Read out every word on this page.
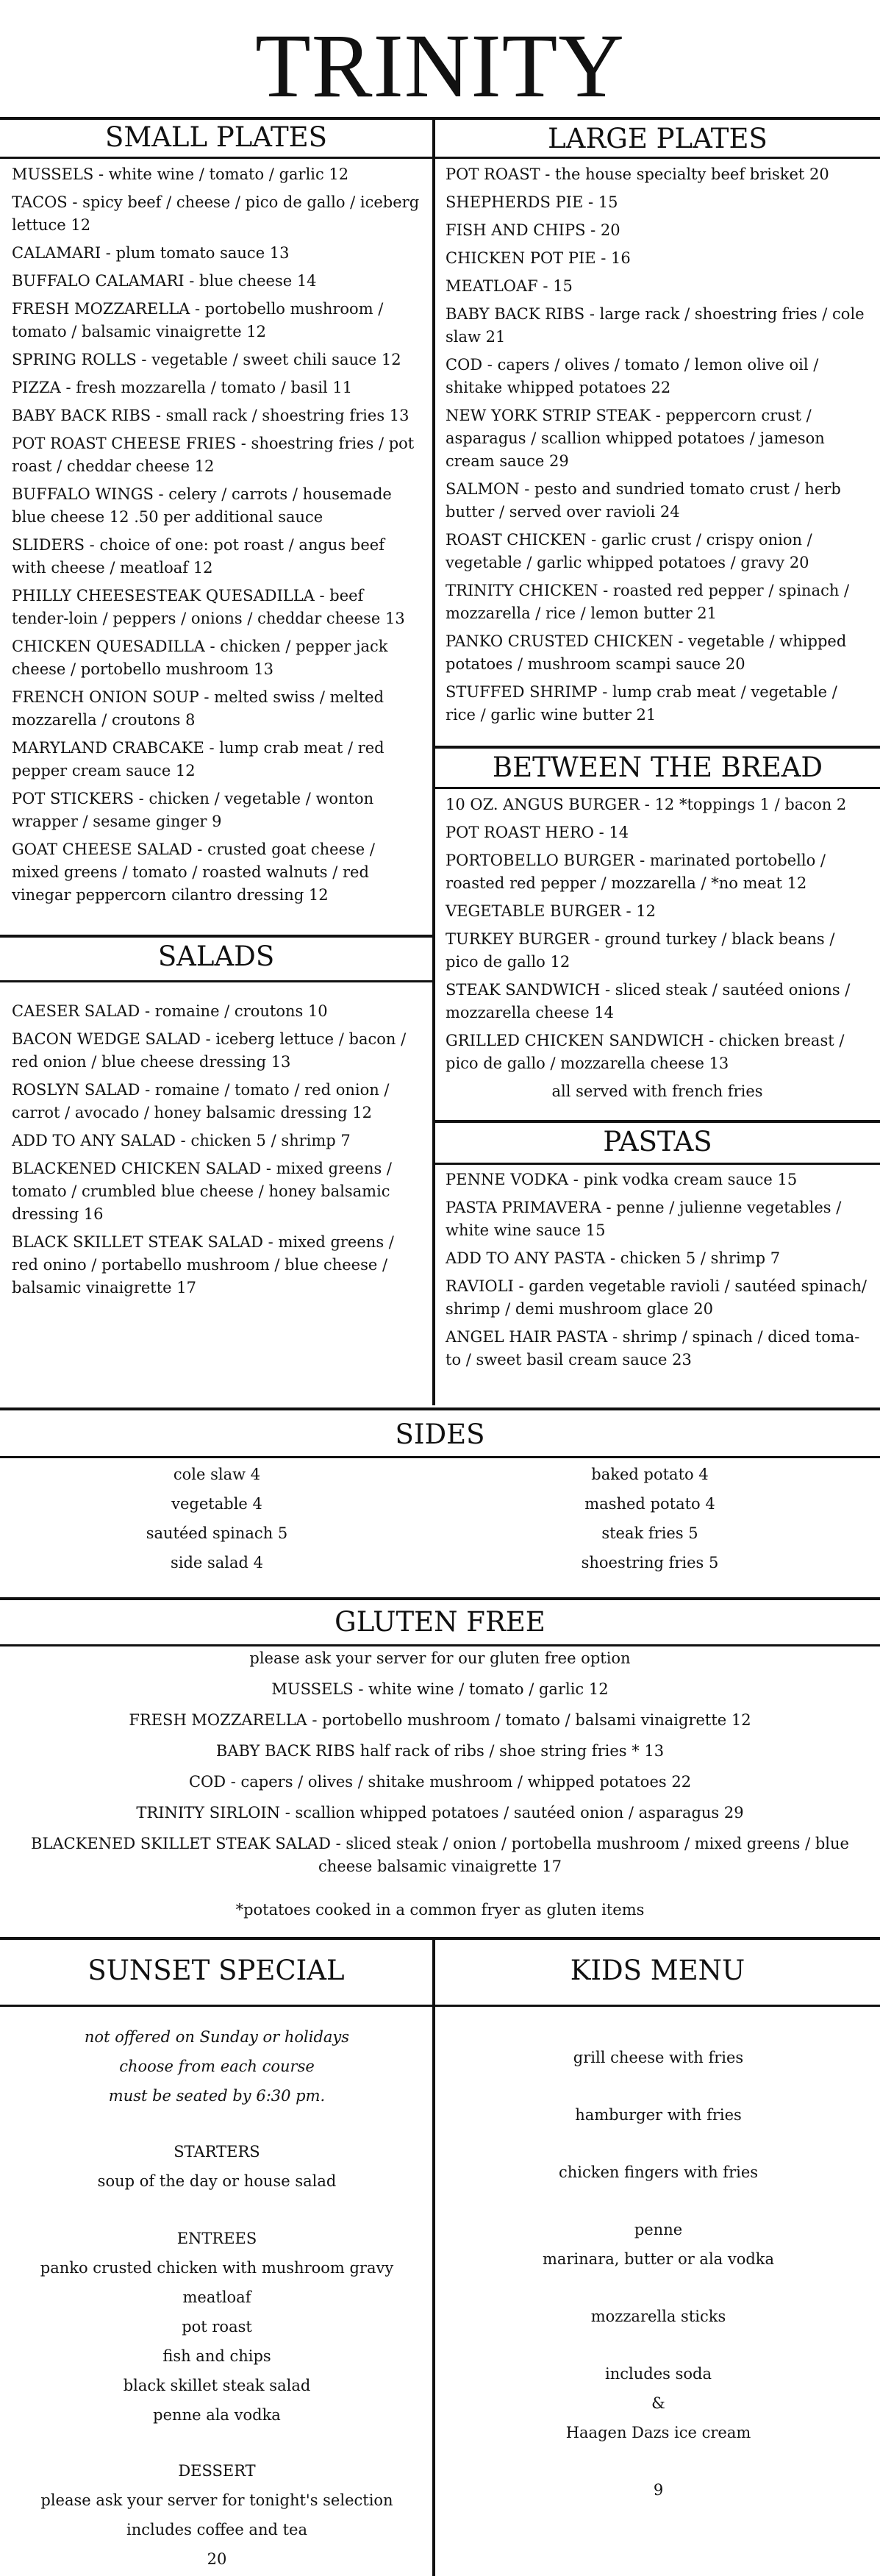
TRINITY
SMALL PLATES	LARGE PLATES
MUSSELS - white wine / tomato / garlic 12
TACOS - spicy beef / cheese / pico de gallo / iceberg lettuce 12
CALAMARI - plum tomato sauce 13
BUFFALO CALAMARI - blue cheese 14
FRESH MOZZARELLA - portobello mushroom / tomato / balsamic vinaigrette 12
SPRING ROLLS - vegetable / sweet chili sauce 12
PIZZA - fresh mozzarella / tomato / basil 11
BABY BACK RIBS - small rack / shoestring fries 13
POT ROAST CHEESE FRIES - shoestring fries / pot roast / cheddar cheese 12
BUFFALO WINGS - celery / carrots / housemade blue cheese 12 .50 per additional sauce
SLIDERS - choice of one: pot roast / angus beef with cheese / meatloaf 12
PHILLY CHEESESTEAK QUESADILLA - beef tender-loin / peppers / onions / cheddar cheese 13
CHICKEN QUESADILLA - chicken / pepper jack cheese / portobello mushroom 13
FRENCH ONION SOUP - melted swiss / melted mozzarella / croutons 8
MARYLAND CRABCAKE - lump crab meat / red pepper cream sauce 12
POT STICKERS - chicken / vegetable / wonton wrapper / sesame ginger 9
GOAT CHEESE SALAD - crusted goat cheese / mixed greens / tomato / roasted walnuts / red vinegar peppercorn cilantro dressing 12
POT ROAST - the house specialty beef brisket 20
SHEPHERDS PIE - 15
FISH AND CHIPS - 20
CHICKEN POT PIE - 16
MEATLOAF - 15
BABY BACK RIBS - large rack / shoestring fries / cole slaw 21
COD - capers / olives / tomato / lemon olive oil / shitake whipped potatoes 22
NEW YORK STRIP STEAK - peppercorn crust / asparagus / scallion whipped potatoes / jameson cream sauce 29
SALMON - pesto and sundried tomato crust / herb butter / served over ravioli 24
ROAST CHICKEN - garlic crust / crispy onion / vegetable / garlic whipped potatoes / gravy 20
TRINITY CHICKEN - roasted red pepper / spinach / mozzarella / rice / lemon butter 21
PANKO CRUSTED CHICKEN - vegetable / whipped potatoes / mushroom scampi sauce 20
STUFFED SHRIMP - lump crab meat / vegetable / rice / garlic wine butter 21
SALADS
CAESER SALAD - romaine / croutons 10
BACON WEDGE SALAD - iceberg lettuce / bacon / red onion / blue cheese dressing 13
ROSLYN SALAD - romaine / tomato / red onion / carrot / avocado / honey balsamic dressing 12
ADD TO ANY SALAD - chicken 5 / shrimp 7
BLACKENED CHICKEN SALAD - mixed greens / tomato / crumbled blue cheese / honey balsamic dressing 16
BLACK SKILLET STEAK SALAD - mixed greens / red onino / portabello mushroom / blue cheese / balsamic vinaigrette 17
BETWEEN THE BREAD
10 OZ. ANGUS BURGER - 12 *toppings 1 / bacon 2
POT ROAST HERO - 14
PORTOBELLO BURGER - marinated portobello / roasted red pepper / mozzarella / *no meat 12
VEGETABLE BURGER - 12
TURKEY BURGER - ground turkey / black beans / pico de gallo 12
STEAK SANDWICH - sliced steak / sautéed onions / mozzarella cheese 14
GRILLED CHICKEN SANDWICH - chicken breast / pico de gallo / mozzarella cheese 13
all served with french fries
PASTAS
PENNE VODKA - pink vodka cream sauce 15
PASTA PRIMAVERA - penne / julienne vegetables / white wine sauce 15
ADD TO ANY PASTA - chicken 5 / shrimp 7
RAVIOLI - garden vegetable ravioli / sautéed spinach/ shrimp / demi mushroom glace 20
ANGEL HAIR PASTA - shrimp / spinach / diced toma-to / sweet basil cream sauce 23
SIDES
cole slaw 4
vegetable 4
sautéed spinach 5
side salad 4
baked potato 4
mashed potato 4
steak fries 5
shoestring fries 5
GLUTEN FREE
please ask your server for our gluten free option
MUSSELS - white wine / tomato / garlic 12
FRESH MOZZARELLA - portobello mushroom / tomato / balsami vinaigrette 12
BABY BACK RIBS half rack of ribs / shoe string fries * 13
COD - capers / olives / shitake mushroom / whipped potatoes 22
TRINITY SIRLOIN - scallion whipped potatoes / sautéed onion / asparagus 29
BLACKENED SKILLET STEAK SALAD - sliced steak / onion / portobella mushroom / mixed greens / blue cheese balsamic vinaigrette 17
*potatoes cooked in a common fryer as gluten items
SUNSET SPECIAL	KIDS MENU
not offered on Sunday or holidays
choose from each course
must be seated by 6:30 pm.
STARTERS
soup of the day or house salad
ENTREES
panko crusted chicken with mushroom gravy
meatloaf
pot roast
fish and chips
black skillet steak salad
penne ala vodka
DESSERT
please ask your server for tonight's selection
includes coffee and tea
20
grill cheese with fries
hamburger with fries
chicken fingers with fries
penne
marinara, butter or ala vodka
mozzarella sticks
includes soda
&
Haagen Dazs ice cream
9
